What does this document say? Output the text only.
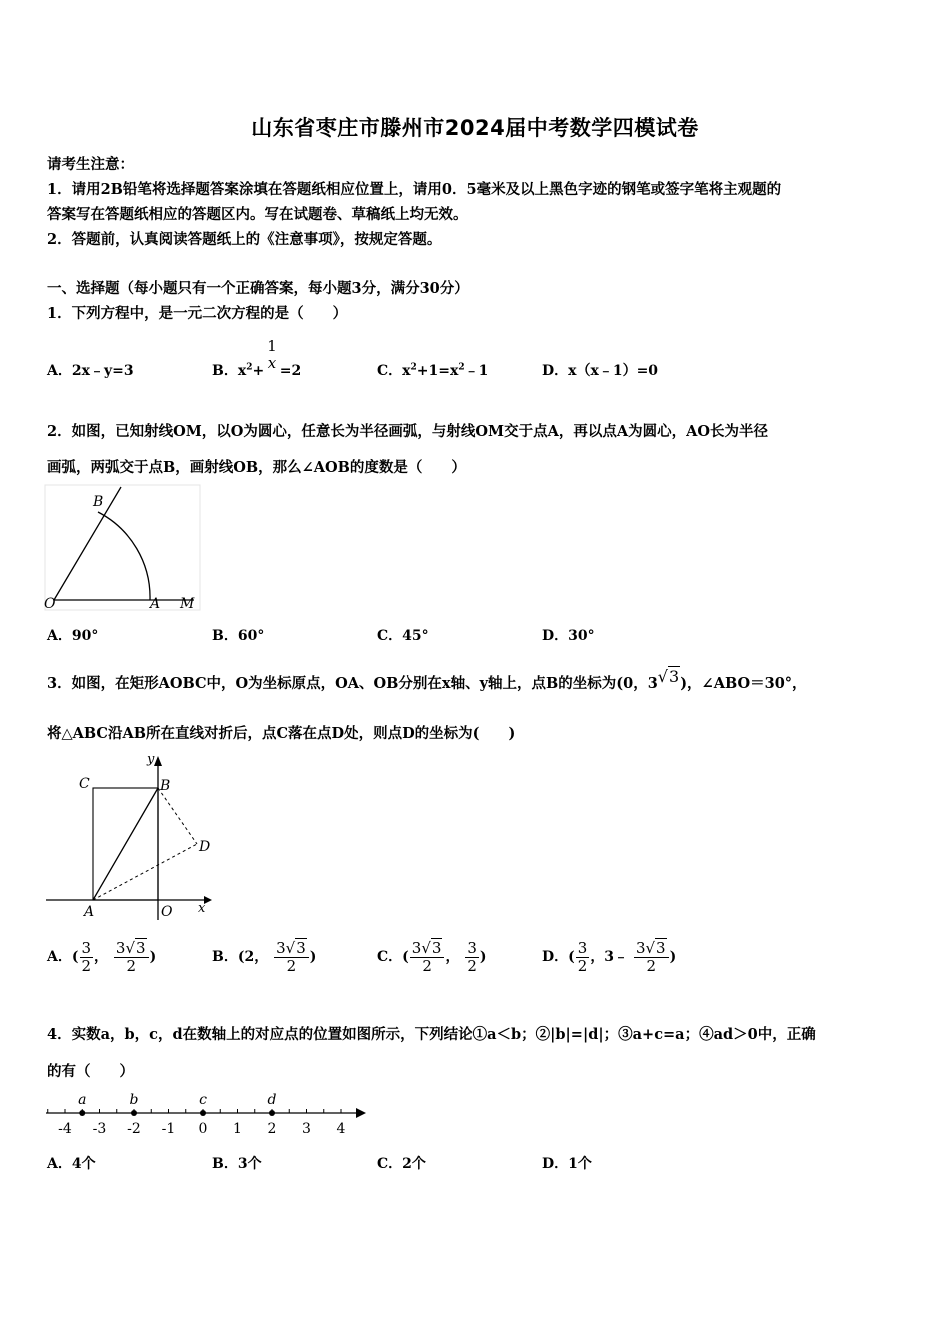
山东省枣庄市滕州市2024届中考数学四模试卷
请考生注意：
1．请用2B铅笔将选择题答案涂填在答题纸相应位置上，请用0．5毫米及以上黑色字迹的钢笔或签字笔将主观题的
答案写在答题纸相应的答题区内。写在试题卷、草稿纸上均无效。
2．答题前，认真阅读答题纸上的《注意事项》，按规定答题。
一、选择题（每小题只有一个正确答案，每小题3分，满分30分）
1．下列方程中，是一元二次方程的是（　　）
A．2x﹣y=3	B．$x^2+$
1
x =2	C．$x^2+1=x^2﹣1$	D．x（x﹣1）=0
2．如图，已知射线OM，以O为圆心，任意长为半径画弧，与射线OM交于点A，再以点A为圆心，AO长为半径
画弧，两弧交于点B，画射线OB，那么∠AOB的度数是（　　）
B
O	A M
A．90°	B．60°	C．45°	D．30°
3．如图，在矩形AOBC中，O为坐标原点，OA、OB分别在x轴、y轴上，点B的坐标为(0，3√3)，∠ABO＝30°，
将△ABC沿AB所在直线对折后，点C落在点D处，则点D的坐标为(　　)
y
C	B
D
A	O x
A．( $\frac{3}{2}$ ， $\frac{3√3}{2}$ )	B．(2， $\frac{3√3}{2}$ )	C．( $\frac{3√3}{2}$ ， $\frac{3}{2}$ )	D．( $\frac{3}{2}$ ，3﹣ $\frac{3√3}{2}$ )
4．实数a，b，c，d在数轴上的对应点的位置如图所示，下列结论①a＜b；②|b|=|d|；③a+c=a；④ad＞0中，正确
的有（　　）
-4 -3 -2 -1 0 1 2 3 4
a	b	c	d
A．4个	B．3个	C．2个	D．1个
